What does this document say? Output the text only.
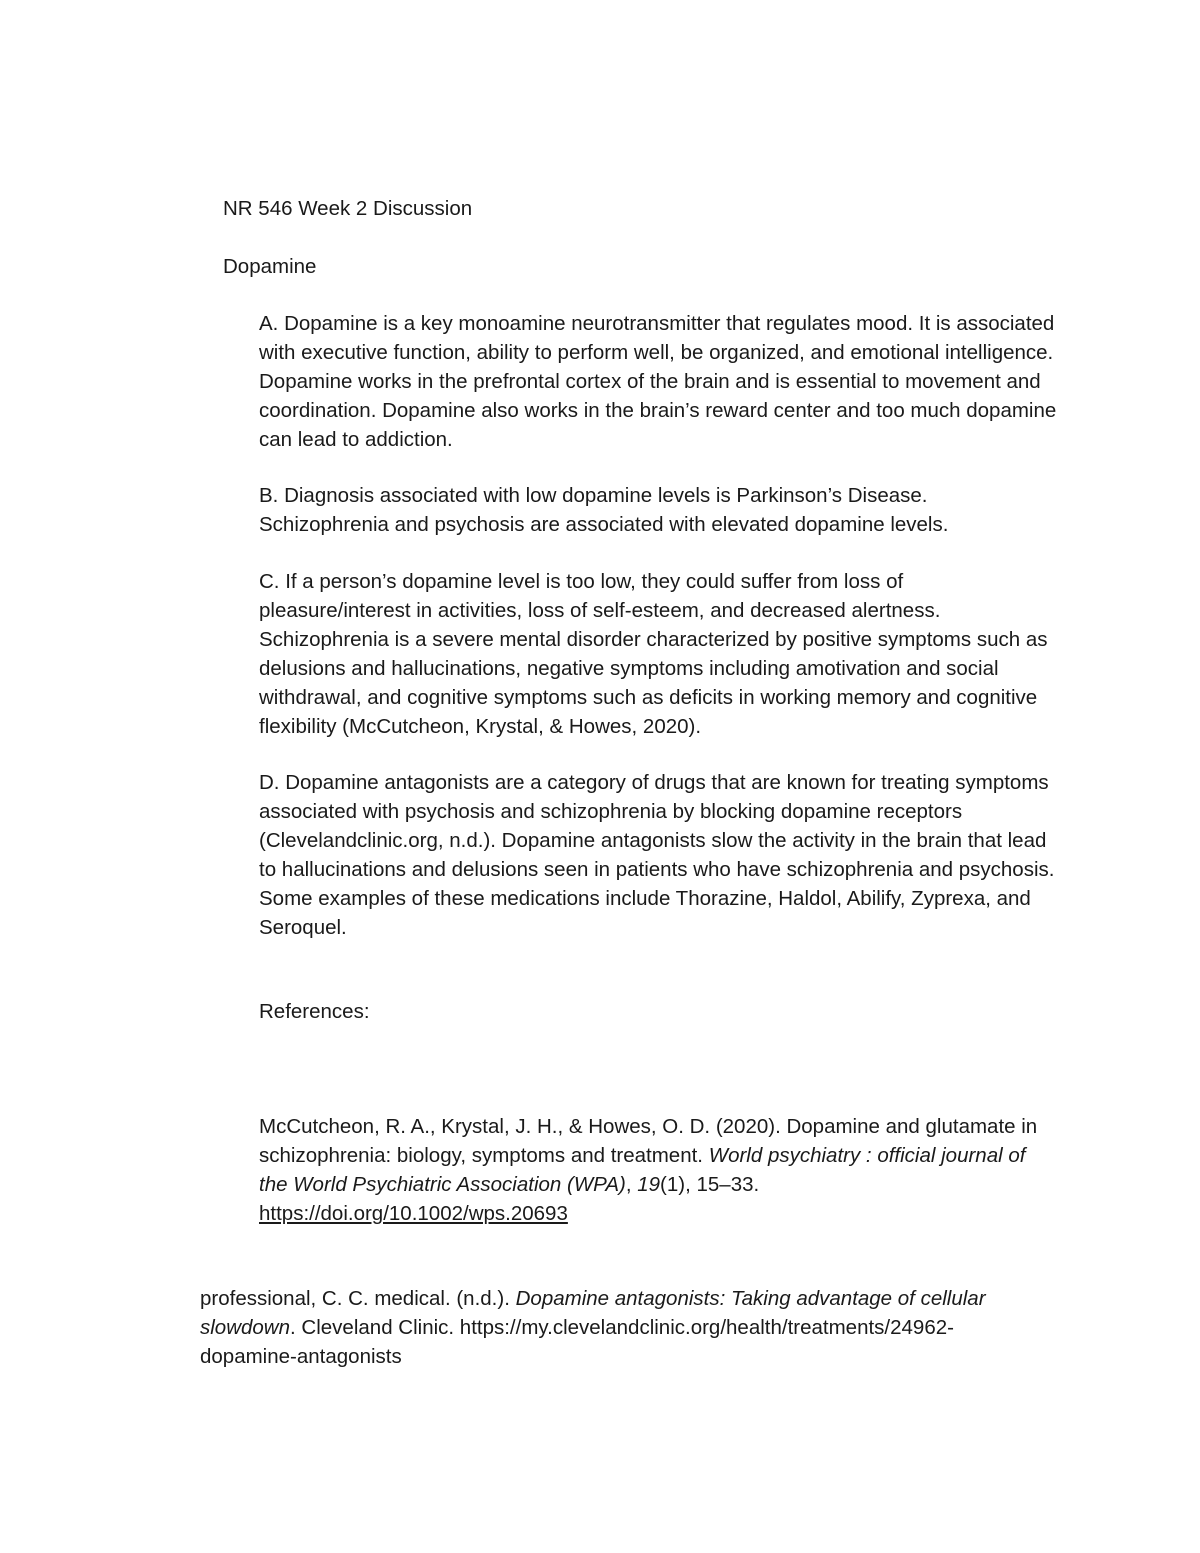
NR 546 Week 2 Discussion

Dopamine

A. Dopamine is a key monoamine neurotransmitter that regulates mood. It is associated with executive function, ability to perform well, be organized, and emotional intelligence. Dopamine works in the prefrontal cortex of the brain and is essential to movement and coordination. Dopamine also works in the brain’s reward center and too much dopamine can lead to addiction.

B. Diagnosis associated with low dopamine levels is Parkinson’s Disease. Schizophrenia and psychosis are associated with elevated dopamine levels.

C. If a person’s dopamine level is too low, they could suffer from loss of pleasure/interest in activities, loss of self-esteem, and decreased alertness. Schizophrenia is a severe mental disorder characterized by positive symptoms such as delusions and hallucinations, negative symptoms including amotivation and social withdrawal, and cognitive symptoms such as deficits in working memory and cognitive flexibility (McCutcheon, Krystal, & Howes, 2020).

D. Dopamine antagonists are a category of drugs that are known for treating symptoms associated with psychosis and schizophrenia by blocking dopamine receptors (Clevelandclinic.org, n.d.). Dopamine antagonists slow the activity in the brain that lead to hallucinations and delusions seen in patients who have schizophrenia and psychosis. Some examples of these medications include Thorazine, Haldol, Abilify, Zyprexa, and Seroquel.

References:

McCutcheon, R. A., Krystal, J. H., & Howes, O. D. (2020). Dopamine and glutamate in schizophrenia: biology, symptoms and treatment. World psychiatry : official journal of the World Psychiatric Association (WPA), 19(1), 15–33. https://doi.org/10.1002/wps.20693

professional, C. C. medical. (n.d.). Dopamine antagonists: Taking advantage of cellular slowdown. Cleveland Clinic. https://my.clevelandclinic.org/health/treatments/24962-dopamine-antagonists
